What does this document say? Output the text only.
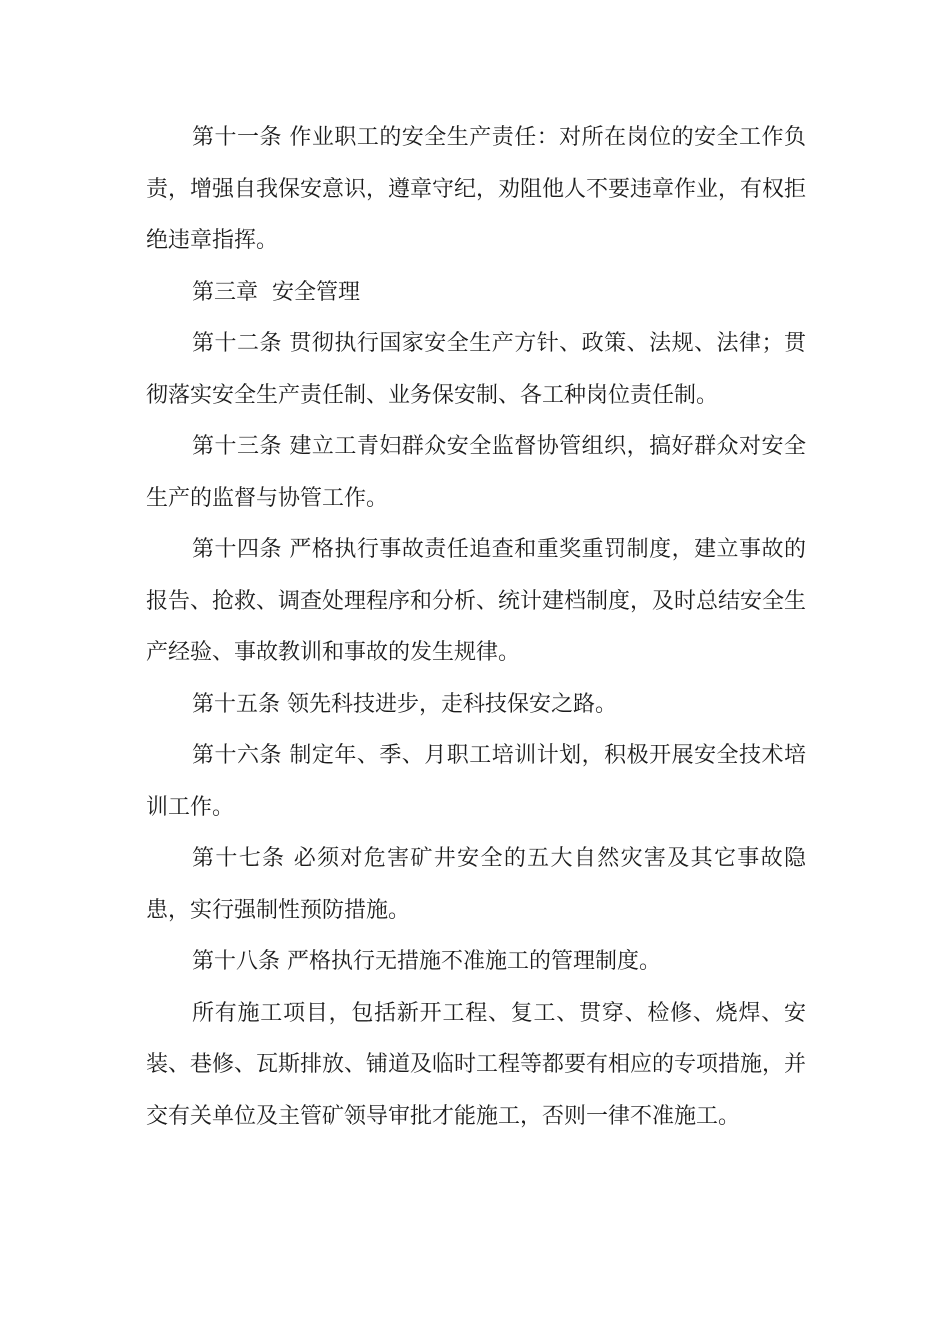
第十一条 作业职工的安全生产责任：对所在岗位的安全工作负责，增强自我保安意识，遵章守纪，劝阻他人不要违章作业，有权拒绝违章指挥。

第三章  安全管理

第十二条 贯彻执行国家安全生产方针、政策、法规、法律；贯彻落实安全生产责任制、业务保安制、各工种岗位责任制。

第十三条 建立工青妇群众安全监督协管组织，搞好群众对安全生产的监督与协管工作。

第十四条 严格执行事故责任追查和重奖重罚制度，建立事故的报告、抢救、调查处理程序和分析、统计建档制度，及时总结安全生产经验、事故教训和事故的发生规律。

第十五条 领先科技进步，走科技保安之路。

第十六条 制定年、季、月职工培训计划，积极开展安全技术培训工作。

第十七条 必须对危害矿井安全的五大自然灾害及其它事故隐患，实行强制性预防措施。

第十八条 严格执行无措施不准施工的管理制度。

所有施工项目，包括新开工程、复工、贯穿、检修、烧焊、安装、巷修、瓦斯排放、铺道及临时工程等都要有相应的专项措施，并交有关单位及主管矿领导审批才能施工，否则一律不准施工。
